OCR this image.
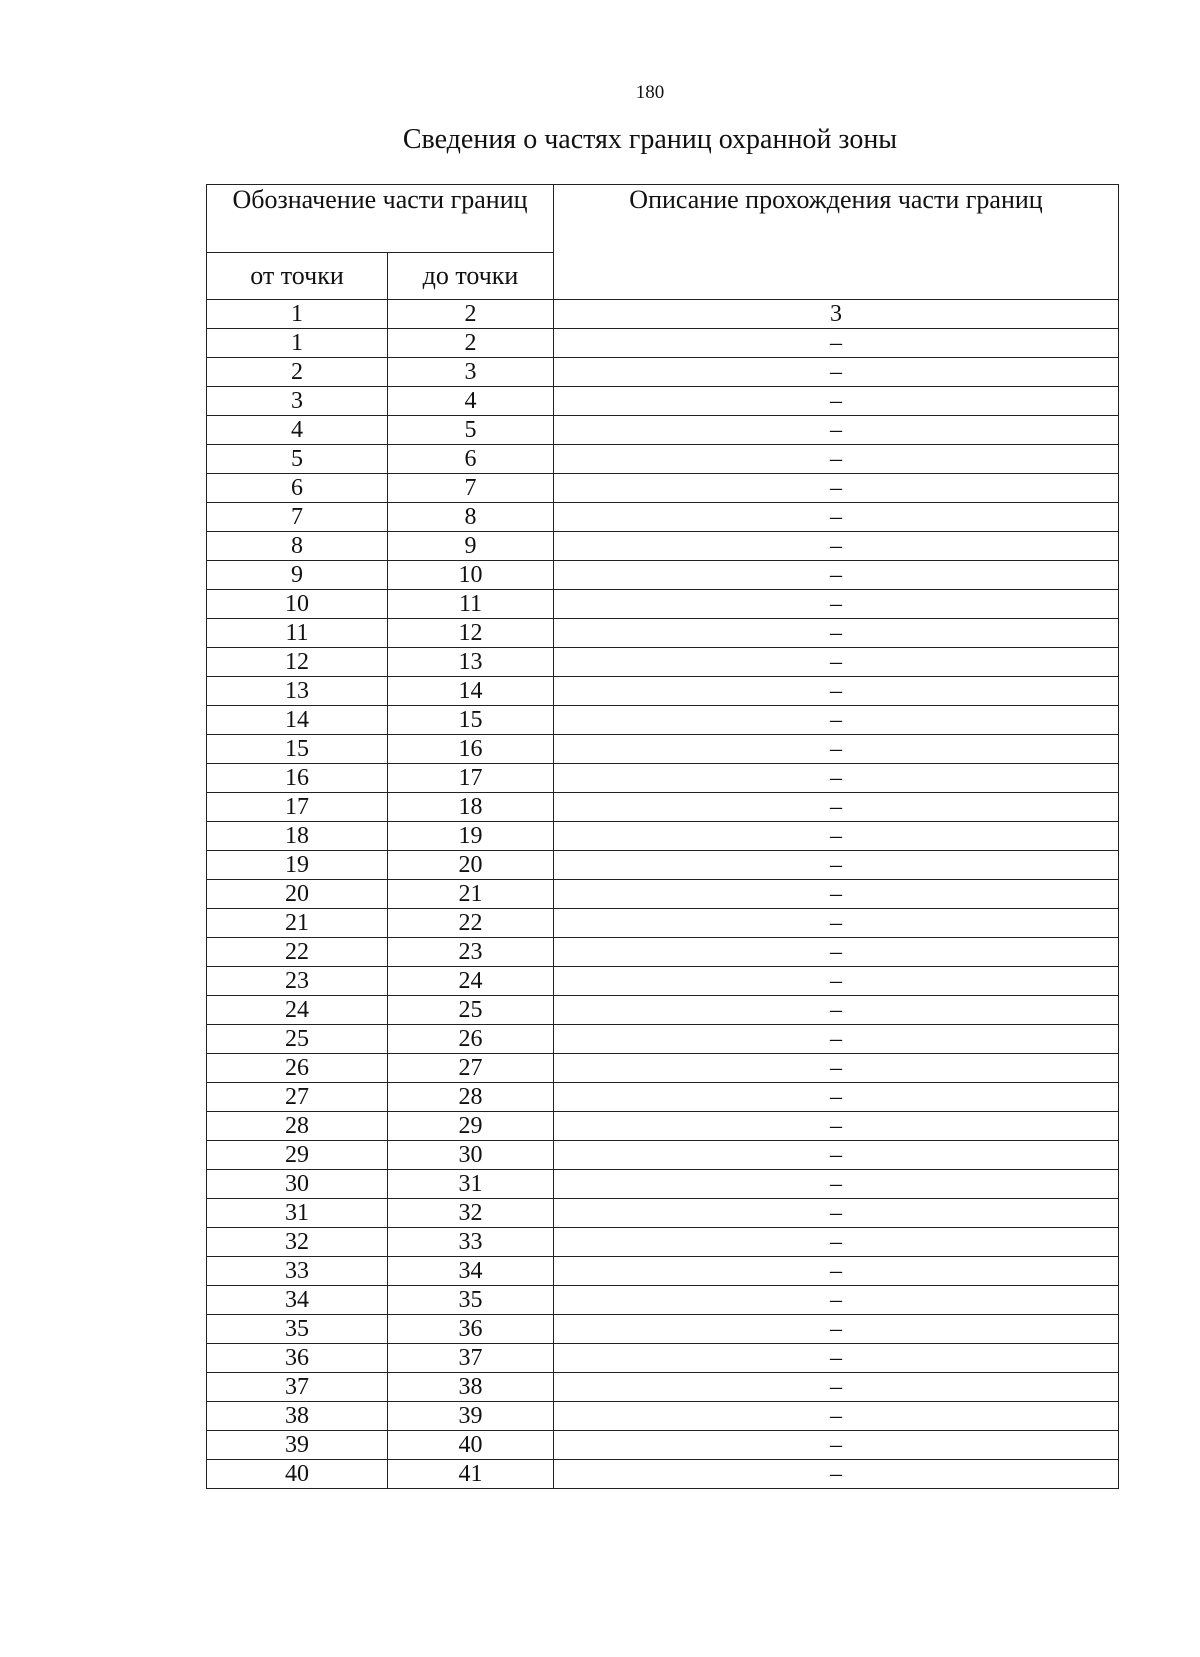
180
Сведения о частях границ охранной зоны
Обозначение части границ		Описание прохождения части границ
от точки	до точки	
1	2	3
1	2	–
2	3	–
3	4	–
4	5	–
5	6	–
6	7	–
7	8	–
8	9	–
9	10	–
10	11	–
11	12	–
12	13	–
13	14	–
14	15	–
15	16	–
16	17	–
17	18	–
18	19	–
19	20	–
20	21	–
21	22	–
22	23	–
23	24	–
24	25	–
25	26	–
26	27	–
27	28	–
28	29	–
29	30	–
30	31	–
31	32	–
32	33	–
33	34	–
34	35	–
35	36	–
36	37	–
37	38	–
38	39	–
39	40	–
40	41	–
